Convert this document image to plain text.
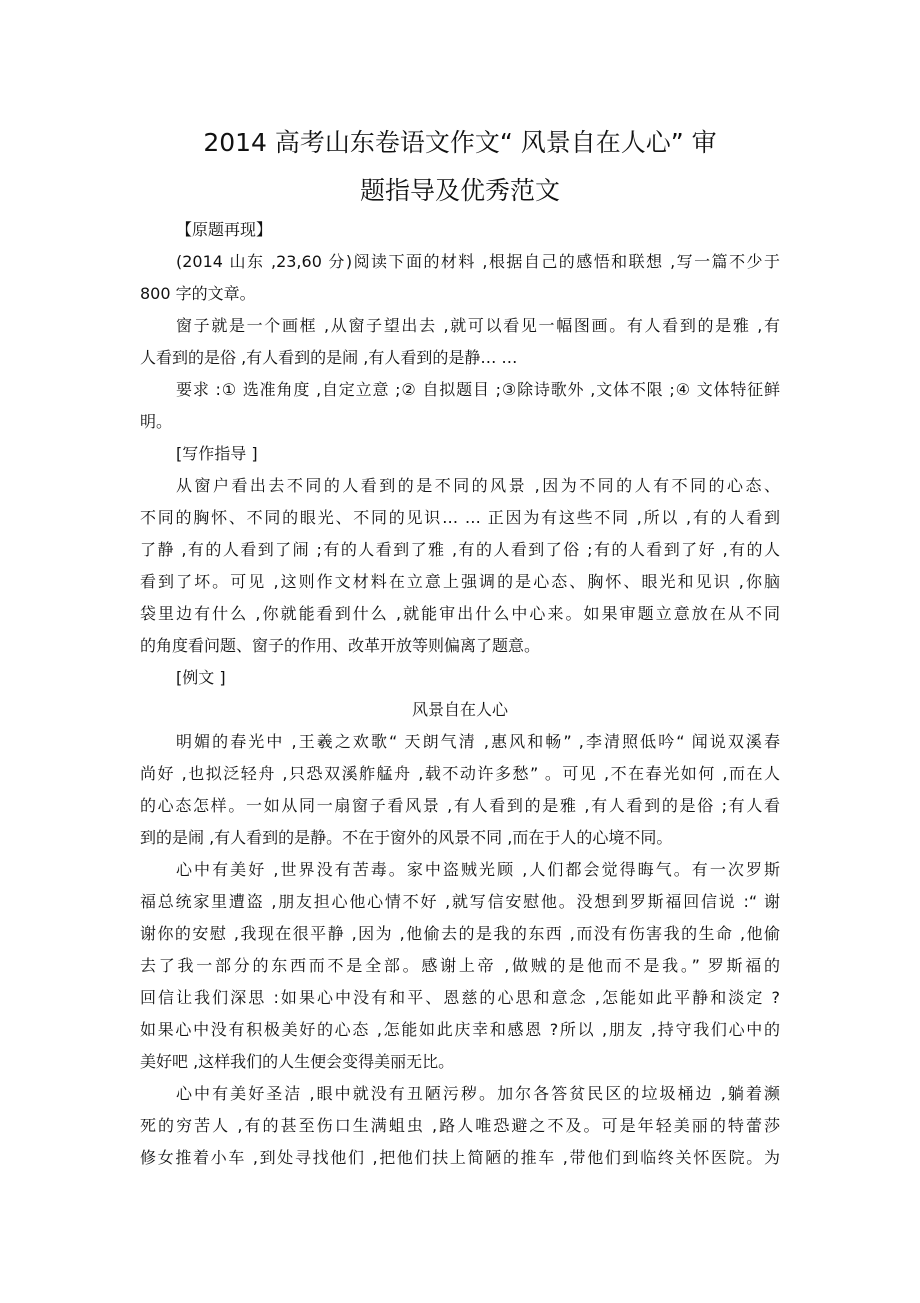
2014 高考山东卷语文作文“ 风景自在人心” 审
题指导及优秀范文
【原题再现】
(2014 山东 ,23,60 分)阅读下面的材料 ,根据自己的感悟和联想 ,写一篇不少于
800 字的文章。
窗子就是一个画框 ,从窗子望出去 ,就可以看见一幅图画。有人看到的是雅 ,有
人看到的是俗 ,有人看到的是闹 ,有人看到的是静… …
要求 :① 选准角度 ,自定立意 ;② 自拟题目 ;③除诗歌外 ,文体不限 ;④ 文体特征鲜
明。
[写作指导 ]
从窗户看出去不同的人看到的是不同的风景 ,因为不同的人有不同的心态、
不同的胸怀、不同的眼光、不同的见识… … 正因为有这些不同 ,所以 ,有的人看到
了静 ,有的人看到了闹 ;有的人看到了雅 ,有的人看到了俗 ;有的人看到了好 ,有的人
看到了坏。可见 ,这则作文材料在立意上强调的是心态、胸怀、眼光和见识 ,你脑
袋里边有什么 ,你就能看到什么 ,就能审出什么中心来。如果审题立意放在从不同
的角度看问题、窗子的作用、改革开放等则偏离了题意。
[例文 ]
风景自在人心
明媚的春光中 ,王羲之欢歌“ 天朗气清 ,惠风和畅” ,李清照低吟“ 闻说双溪春
尚好 ,也拟泛轻舟 ,只恐双溪舴艋舟 ,载不动许多愁” 。可见 ,不在春光如何 ,而在人
的心态怎样。一如从同一扇窗子看风景 ,有人看到的是雅 ,有人看到的是俗 ;有人看
到的是闹 ,有人看到的是静。不在于窗外的风景不同 ,而在于人的心境不同。
心中有美好 ,世界没有苦毒。家中盗贼光顾 ,人们都会觉得晦气。有一次罗斯
福总统家里遭盗 ,朋友担心他心情不好 ,就写信安慰他。没想到罗斯福回信说 :“ 谢
谢你的安慰 ,我现在很平静 ,因为 ,他偷去的是我的东西 ,而没有伤害我的生命 ,他偷
去了我一部分的东西而不是全部。感谢上帝 ,做贼的是他而不是我。” 罗斯福的
回信让我们深思 :如果心中没有和平、恩慈的心思和意念 ,怎能如此平静和淡定 ?
如果心中没有积极美好的心态 ,怎能如此庆幸和感恩 ?所以 ,朋友 ,持守我们心中的
美好吧 ,这样我们的人生便会变得美丽无比。
心中有美好圣洁 ,眼中就没有丑陋污秽。加尔各答贫民区的垃圾桶边 ,躺着濒
死的穷苦人 ,有的甚至伤口生满蛆虫 ,路人唯恐避之不及。可是年轻美丽的特蕾莎
修女推着小车 ,到处寻找他们 ,把他们扶上简陋的推车 ,带他们到临终关怀医院。为
